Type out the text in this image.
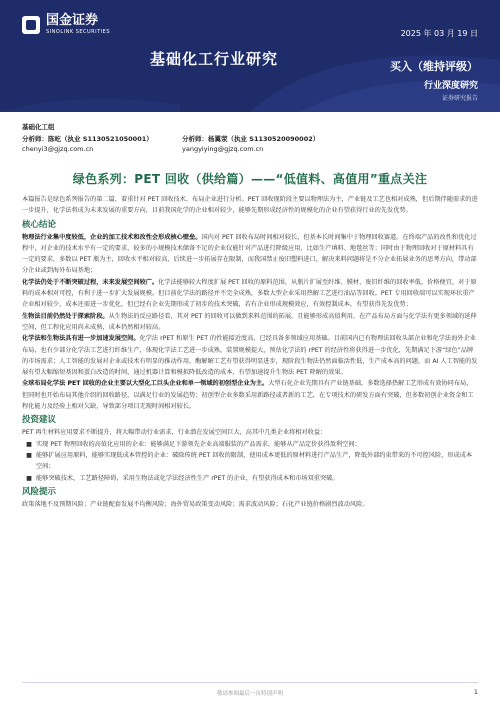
国金证券
SINOLINK SECURITIES	2025 年 03 月 19 日
基础化工行业研究	买入（维持评级）
行业深度研究
证券研究报告
基础化工组
分析师：陈屹（执业 S1130521050001）
chenyi3@gjzq.com.cn
分析师：杨翼荥（执业 S1130520090002）
yangyiying@gjzq.com.cn
绿色系列：PET 回收（供给篇）——“低值料、高值用”重点关注

本篇报告是绿色系列报告的第二篇，着重针对 PET 回收技术、布局企业进行分析。PET 回收现阶段主要以物理法为主，产业链及工艺也相对成熟，但后期伴随需求的进一步提升，化学法将成为未来发展的重要方向，目前我国化学的企业相对较少，能够先期形成经济性的规模化的企业有望获得行业的先发优势。

核心结论

物理法行业集中度较低，企业的加工技术和改性会形成核心壁垒。国内对 PET 回收布局时间相对较长，但基本长时间集中于物理回收赛道。在终端产品的改性和优化过程中，对企业的技术水平有一定的要求，较多的小规模技术储备不足的企业仅能针对产品进行降级应用，比如生产填料、地毯丝等；同时由于物理回收对于原材料具有一定的要求，多数以 PET 瓶为主，回收水平相对较高，后续进一步拓展存在限制，而我国禁止废旧塑料进口，解决来料问题将是不分企业拓展业务的思考方向，带动部分企业或到海外布局基地；

化学法仍处于不断突破过程，未来发展空间较广。化学法能够较大程度扩展 PET 回收的原料范围，从瓶片扩展至纤维、膜材，废旧纤维的回收率低，价格便宜，对于原料的成本相对可控，有利于进一步扩大发展规模。但目前化学法的路径并不完全成熟，多数大型企业采用热解工艺进行油品等回收。PET 专用回收端可以实现环状重产企业相对较少，成本还需进一步优化，但已经有企业先期形成了初步的技术突破，若有企业形成规模效应，有效控制成本，有望获得先发优势；

生物法目前仍然处于探索阶段。从生物法的反应路径看，其对 PET 的回收可以做到来料范围的拓展，且能够形成高值利用，在产品布局方面与化学法有更多领域的延伸空间，但工程化应用尚未成熟，成本仍然相对较高。

化学法和生物法具有进一步加速发展空间。化学法 rPET 和原生 PET 的性能接近度高，已经具备多领域应用基础。目前国内已有物理法回收头部企业和化学法海外企业布局，也有少部分化学法工艺进行纤维生产，体现化学法工艺进一步成熟，装置规模提大，预估化学法的 rPET 的经济性将获得进一步优化，先期满足下游“绿色”品牌的市场需求；人工智能的发展对企业或技术有明显的推动作用，酶解解工艺有望获得明显进步，现阶段生物法仍然面临活性低，生产成本高的问题，而 AI 人工智能的发展有望大幅缩短基因和蛋白改造的时间，通过机器计算和模拟降低改造的成本，有望加速提升生物法 PET 降解的效果。

全球布局化学法 PET 回收的企业主要以大型化工巨头企业和单一领域的初创型企业为主。大型石化企业先期具有产业链基础，多数选择热解工艺形成有效协同布局，但同时也开始布局其他介绍的回收路径，以满足行业的发展趋势；初创型企业多数采用新路径或者新的工艺，在专项技术的研发方面有突破，但多数初创企业资金和工程化能力及经验上相对欠缺，导致部分项目无现时间相对较长。

投资建议

PET 再生材料应用要求不断提升，将大幅带动行业需求，行业潜在发展空间巨大，高其中几类企业将相对收益：

■ 实现 PET 物理回收的高值化应用的企业：能够满足下游领先企业高端服装的产品需求，能够从产品定价获得盈利空间；
■ 能够扩展应用原料，能够实现低成本管控的企业：破除传统 PET 回收的限制，使用成本更低的原材料进行产品生产，降低外部约束带来的不可控风险，形成成本空间；
■ 能够突破技术，工艺路径障碍，采用生物法或化学法经济性生产 rPET 的企业，有望获得成本和市场双重突破。
风险提示

政策落地不及预期风险；产业链配套发展不均衡风险；海外贸易政策变动风险；需求波动风险；石化产业链价格剧烈波动风险。

敬请参阅最后一页特别声明	1
